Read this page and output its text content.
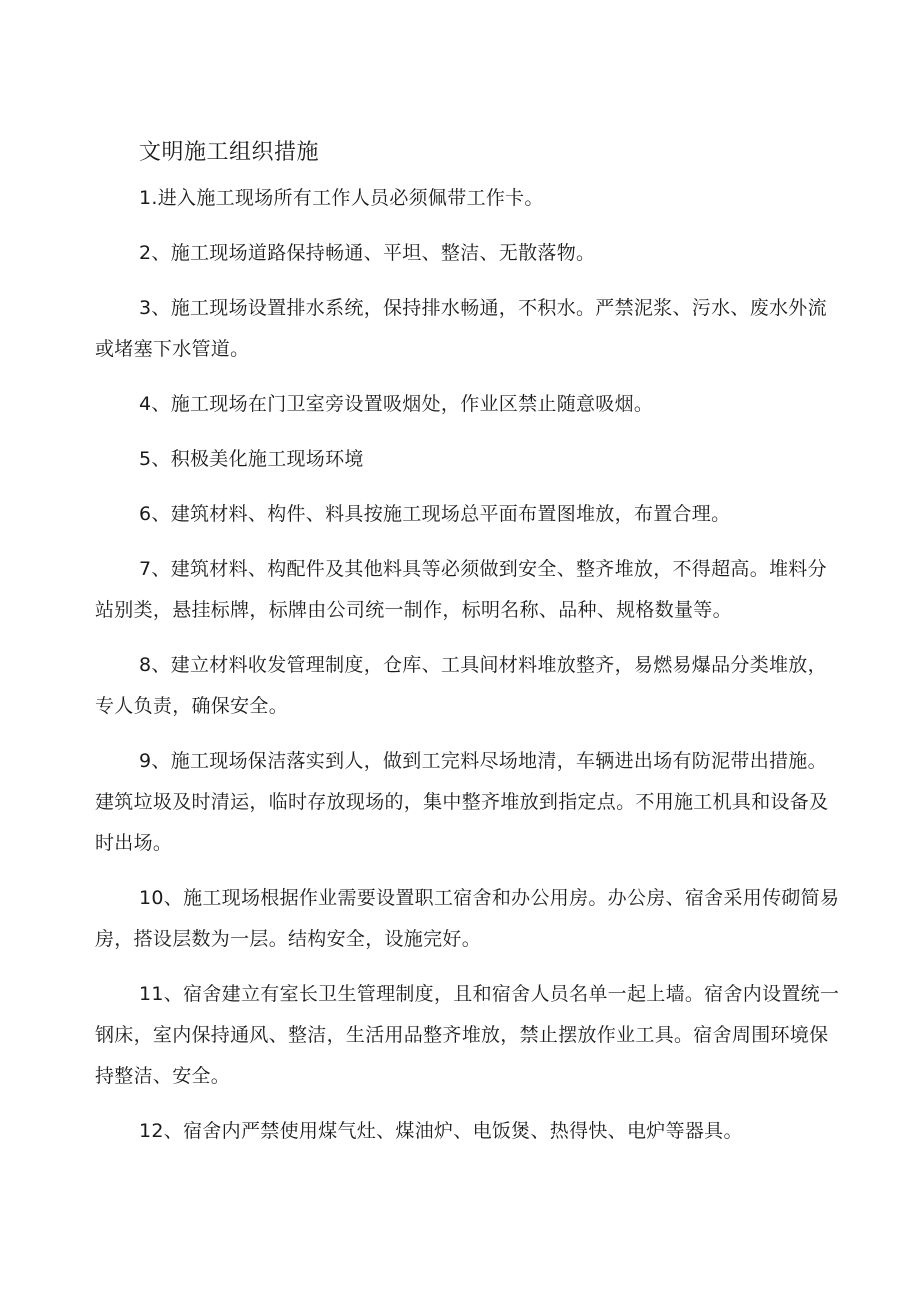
文明施工组织措施

1.进入施工现场所有工作人员必须佩带工作卡。

2、施工现场道路保持畅通、平坦、整洁、无散落物。

3、施工现场设置排水系统，保持排水畅通，不积水。严禁泥浆、污水、废水外流或堵塞下水管道。

4、施工现场在门卫室旁设置吸烟处，作业区禁止随意吸烟。

5、积极美化施工现场环境

6、建筑材料、构件、料具按施工现场总平面布置图堆放，布置合理。

7、建筑材料、构配件及其他料具等必须做到安全、整齐堆放，不得超高。堆料分站别类，悬挂标牌，标牌由公司统一制作，标明名称、品种、规格数量等。

8、建立材料收发管理制度，仓库、工具间材料堆放整齐，易燃易爆品分类堆放，专人负责，确保安全。

9、施工现场保洁落实到人，做到工完料尽场地清，车辆进出场有防泥带出措施。建筑垃圾及时清运，临时存放现场的，集中整齐堆放到指定点。不用施工机具和设备及时出场。

10、施工现场根据作业需要设置职工宿舍和办公用房。办公房、宿舍采用传砌简易房，搭设层数为一层。结构安全，设施完好。

11、宿舍建立有室长卫生管理制度，且和宿舍人员名单一起上墙。宿舍内设置统一钢床，室内保持通风、整洁，生活用品整齐堆放，禁止摆放作业工具。宿舍周围环境保持整洁、安全。

12、宿舍内严禁使用煤气灶、煤油炉、电饭煲、热得快、电炉等器具。
